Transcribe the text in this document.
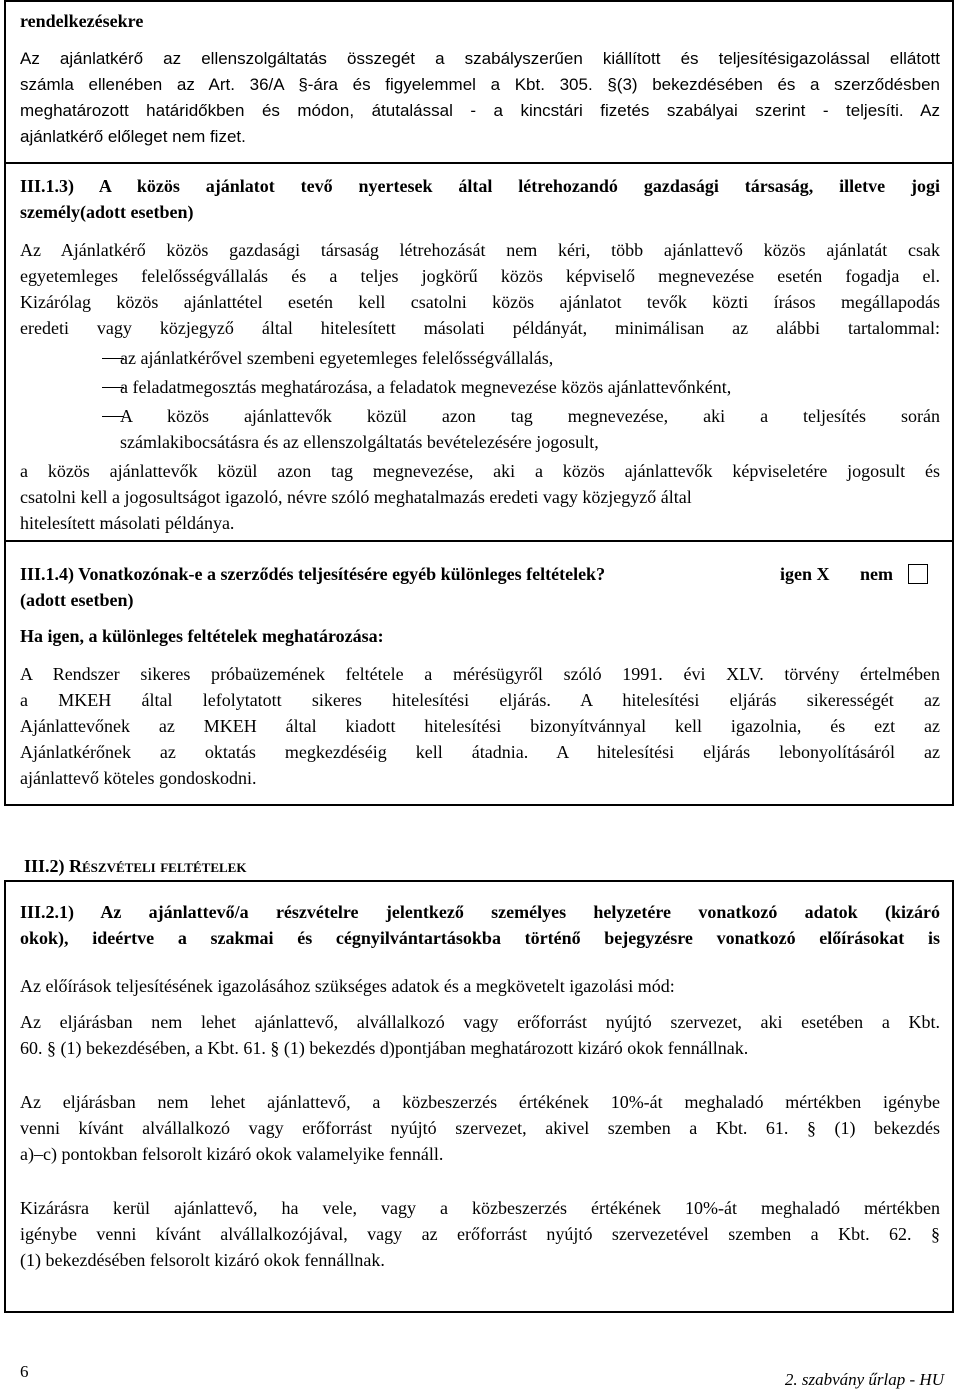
rendelkezésekre
Az ajánlatkérő az ellenszolgáltatás összegét a szabályszerűen kiállított és teljesítésigazolással ellátott
számla ellenében az Art. 36/A §-ára és figyelemmel a Kbt. 305. §(3) bekezdésében és a szerződésben
meghatározott határidőkben és módon, átutalással - a kincstári fizetés szabályai szerint - teljesíti. Az
ajánlatkérő előleget nem fizet.
III.1.3) A közös ajánlatot tevő nyertesek által létrehozandó gazdasági társaság, illetve jogi
személy(adott esetben)
Az Ajánlatkérő közös gazdasági társaság létrehozását nem kéri, több ajánlattevő közös ajánlatát csak
egyetemleges felelősségvállalás és a teljes jogkörű közös képviselő megnevezése esetén fogadja el.
Kizárólag közös ajánlattétel esetén kell csatolni közös ajánlatot tevők közti írásos megállapodás
eredeti vagy közjegyző által hitelesített másolati példányát, minimálisan az alábbi tartalommal:
az ajánlatkérővel szembeni egyetemleges felelősségvállalás,
a feladatmegosztás meghatározása, a feladatok megnevezése közös ajánlattevőnként,
A közös ajánlattevők közül azon tag megnevezése, aki a teljesítés során
számlakibocsátásra és az ellenszolgáltatás bevételezésére jogosult,
a közös ajánlattevők közül azon tag megnevezése, aki a közös ajánlattevők képviseletére jogosult és
csatolni kell a jogosultságot igazoló, névre szóló meghatalmazás eredeti vagy közjegyző által
hitelesített másolati példánya.
III.1.4) Vonatkozónak-e a szerződés teljesítésére egyéb különleges feltételek?	igen X nem
(adott esetben)
Ha igen, a különleges feltételek meghatározása:
A Rendszer sikeres próbaüzemének feltétele a mérésügyről szóló 1991. évi XLV. törvény értelmében
a MKEH által lefolytatott sikeres hitelesítési eljárás. A hitelesítési eljárás sikerességét az
Ajánlattevőnek az MKEH által kiadott hitelesítési bizonyítvánnyal kell igazolnia, és ezt az
Ajánlatkérőnek az oktatás megkezdéséig kell átadnia. A hitelesítési eljárás lebonyolításáról az
ajánlattevő köteles gondoskodni.
III.2) Részvételi feltételek
III.2.1) Az ajánlattevő/a részvételre jelentkező személyes helyzetére vonatkozó adatok (kizáró
okok), ideértve a szakmai és cégnyilvántartásokba történő bejegyzésre vonatkozó előírásokat is
Az előírások teljesítésének igazolásához szükséges adatok és a megkövetelt igazolási mód:
Az eljárásban nem lehet ajánlattevő, alvállalkozó vagy erőforrást nyújtó szervezet, aki esetében a Kbt.
60. § (1) bekezdésében, a Kbt. 61. § (1) bekezdés d)pontjában meghatározott kizáró okok fennállnak.
Az eljárásban nem lehet ajánlattevő, a közbeszerzés értékének 10%-át meghaladó mértékben igénybe
venni kívánt alvállalkozó vagy erőforrást nyújtó szervezet, akivel szemben a Kbt. 61. § (1) bekezdés
a)–c) pontokban felsorolt kizáró okok valamelyike fennáll.
Kizárásra kerül ajánlattevő, ha vele, vagy a közbeszerzés értékének 10%-át meghaladó mértékben
igénybe venni kívánt alvállalkozójával, vagy az erőforrást nyújtó szervezetével szemben a Kbt. 62. §
(1) bekezdésében felsorolt kizáró okok fennállnak.
6	2. szabvány űrlap - HU
